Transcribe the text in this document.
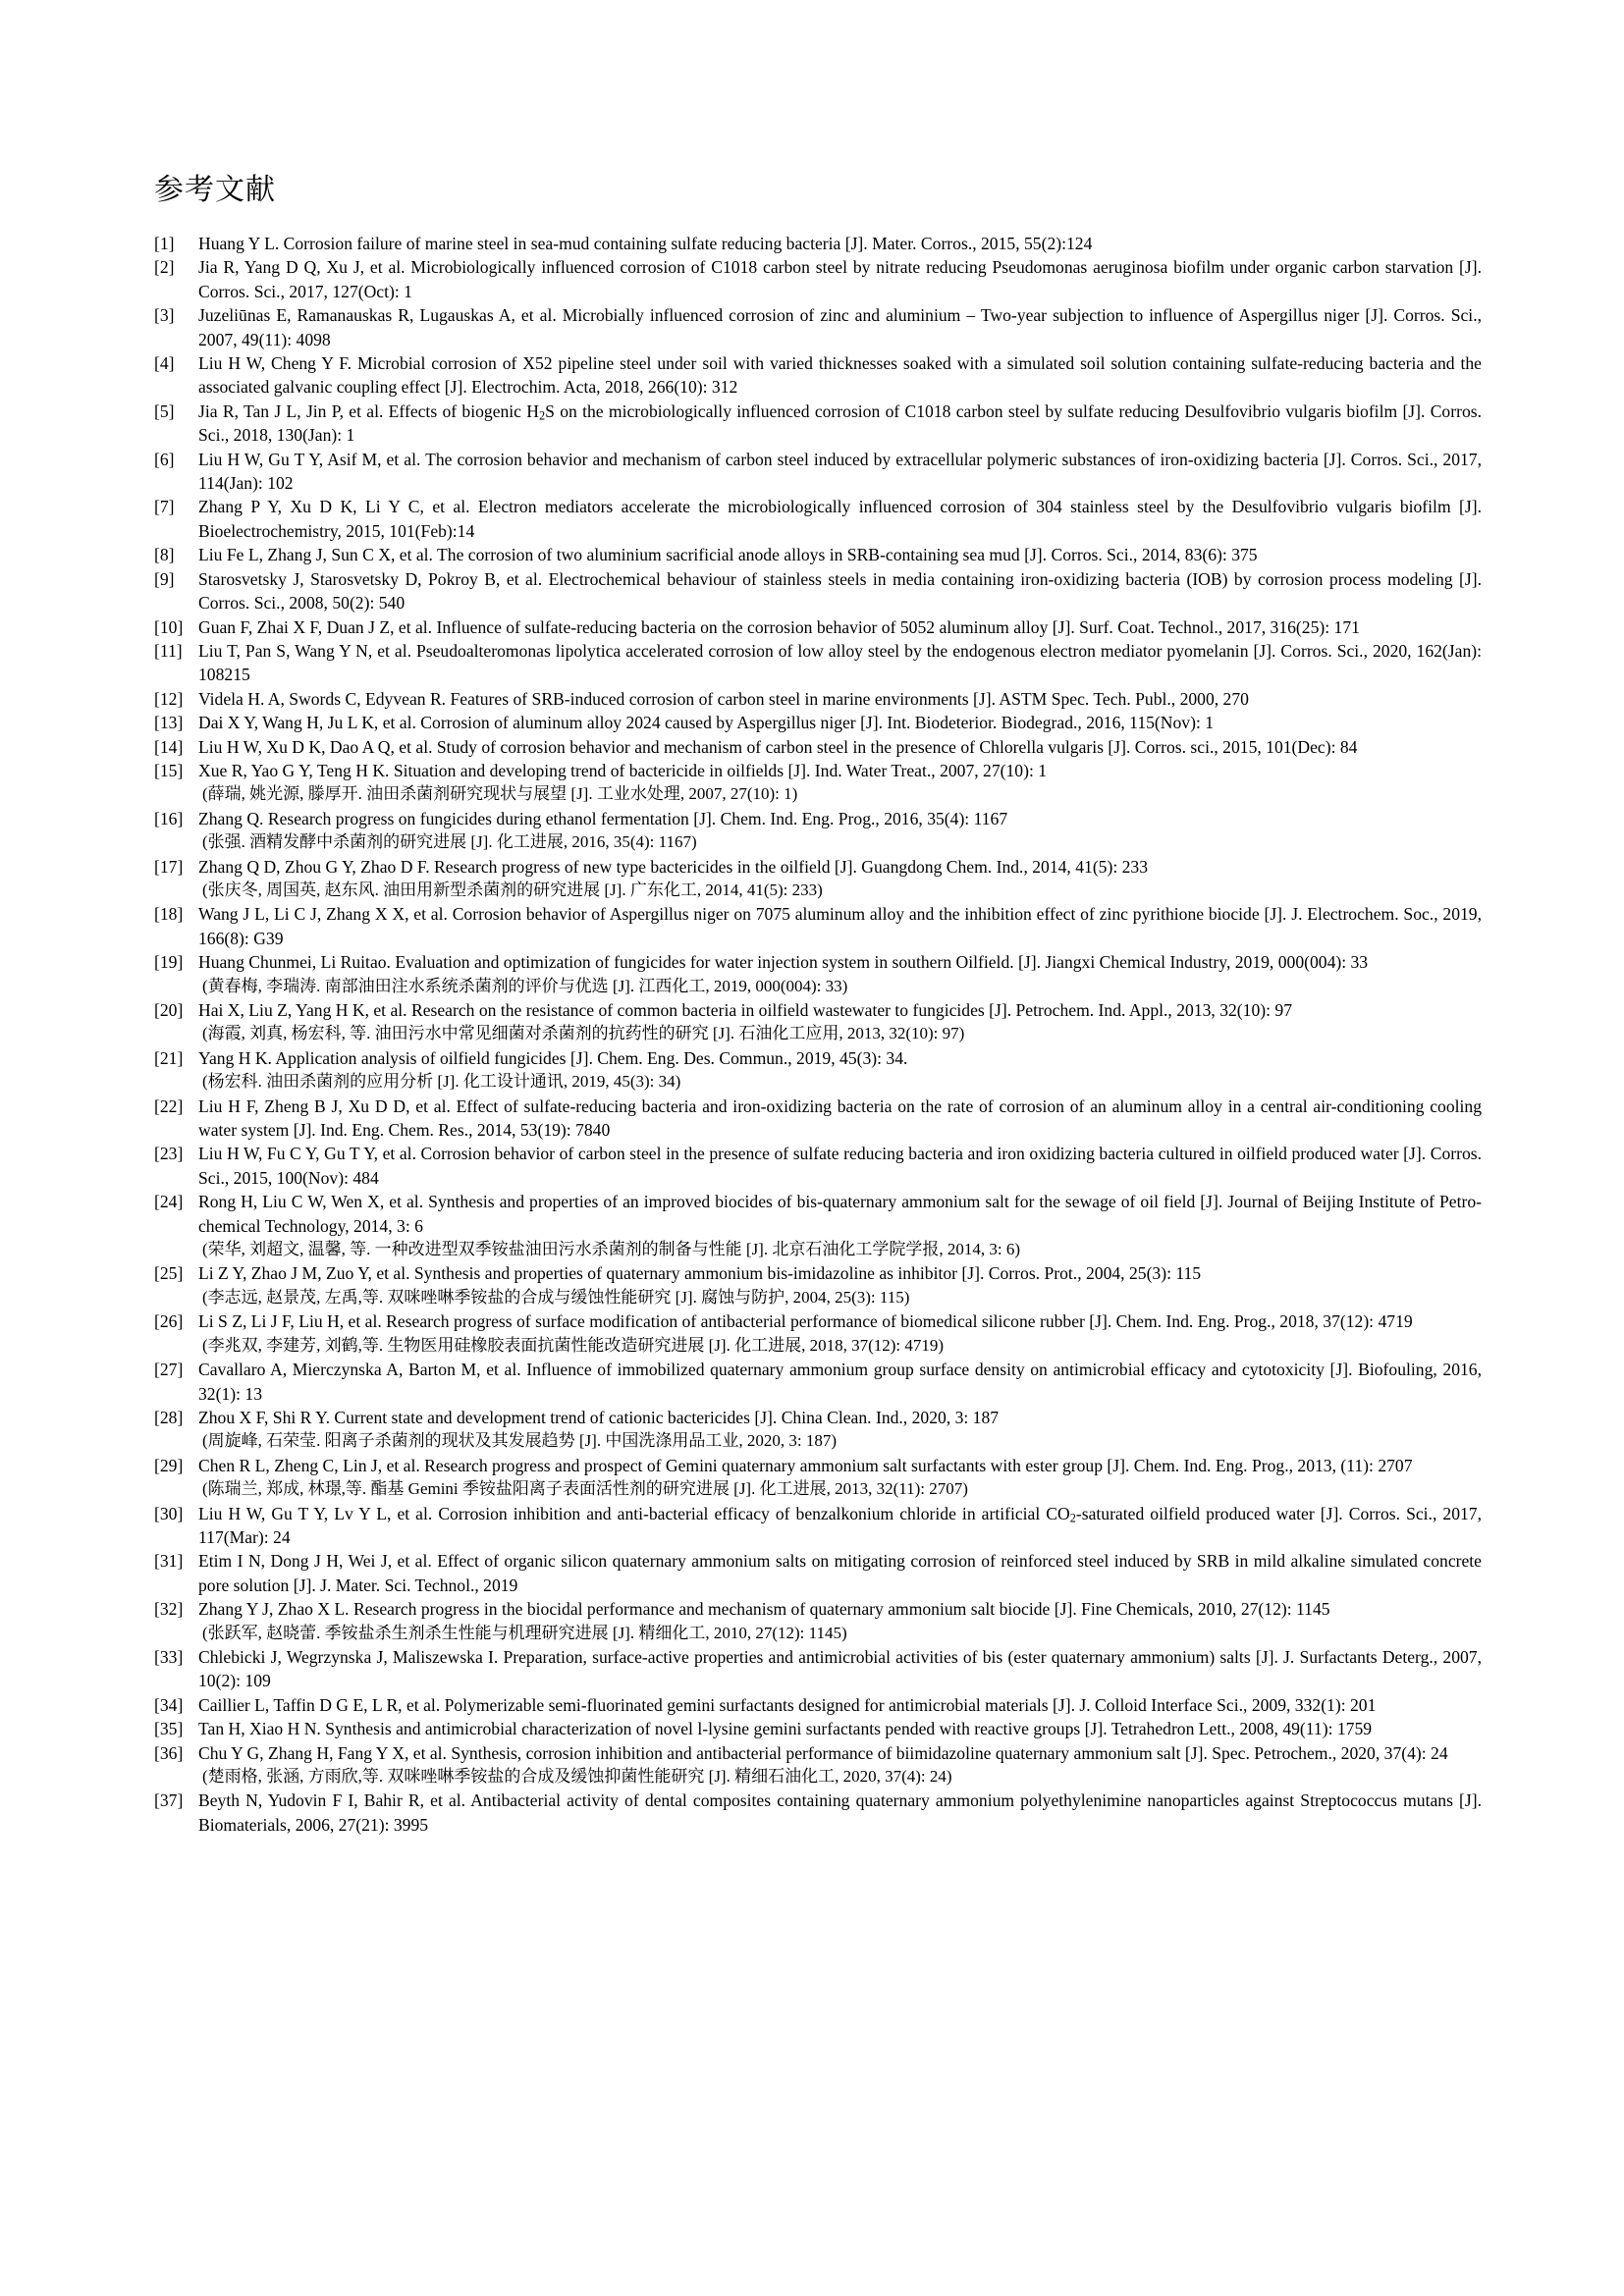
参考文献
[1] Huang Y L. Corrosion failure of marine steel in sea-mud containing sulfate reducing bacteria [J]. Mater. Corros., 2015, 55(2):124
[2] Jia R, Yang D Q, Xu J, et al. Microbiologically influenced corrosion of C1018 carbon steel by nitrate reducing Pseudomonas aeruginosa biofilm under organic carbon starvation [J]. Corros. Sci., 2017, 127(Oct): 1
[3] Juzeliūnas E, Ramanauskas R, Lugauskas A, et al. Microbially influenced corrosion of zinc and aluminium – Two-year subjection to influence of Aspergillus niger [J]. Corros. Sci., 2007, 49(11): 4098
[4] Liu H W, Cheng Y F. Microbial corrosion of X52 pipeline steel under soil with varied thicknesses soaked with a simulated soil solution containing sulfate-reducing bacteria and the associated galvanic coupling effect [J]. Electrochim. Acta, 2018, 266(10): 312
[5] Jia R, Tan J L, Jin P, et al. Effects of biogenic $H_2S$ on the microbiologically influenced corrosion of C1018 carbon steel by sulfate reducing Desulfovibrio vulgaris biofilm [J]. Corros. Sci., 2018, 130(Jan): 1
[6] Liu H W, Gu T Y, Asif M, et al. The corrosion behavior and mechanism of carbon steel induced by extracellular polymeric substances of iron-oxidizing bacteria [J]. Corros. Sci., 2017, 114(Jan): 102
[7] Zhang P Y, Xu D K, Li Y C, et al. Electron mediators accelerate the microbiologically influenced corrosion of 304 stainless steel by the Desulfovibrio vulgaris biofilm [J]. Bioelectrochemistry, 2015, 101(Feb):14
[8] Liu Fe L, Zhang J, Sun C X, et al. The corrosion of two aluminium sacrificial anode alloys in SRB-containing sea mud [J]. Corros. Sci., 2014, 83(6): 375
[9] Starosvetsky J, Starosvetsky D, Pokroy B, et al. Electrochemical behaviour of stainless steels in media containing iron-oxidizing bacteria (IOB) by corrosion process modeling [J]. Corros. Sci., 2008, 50(2): 540
[10] Guan F, Zhai X F, Duan J Z, et al. Influence of sulfate-reducing bacteria on the corrosion behavior of 5052 aluminum alloy [J]. Surf. Coat. Technol., 2017, 316(25): 171
[11] Liu T, Pan S, Wang Y N, et al. Pseudoalteromonas lipolytica accelerated corrosion of low alloy steel by the endogenous electron mediator pyomelanin [J]. Corros. Sci., 2020, 162(Jan): 108215
[12] Videla H. A, Swords C, Edyvean R. Features of SRB-induced corrosion of carbon steel in marine environments [J]. ASTM Spec. Tech. Publ., 2000, 270
[13] Dai X Y, Wang H, Ju L K, et al. Corrosion of aluminum alloy 2024 caused by Aspergillus niger [J]. Int. Biodeterior. Biodegrad., 2016, 115(Nov): 1
[14] Liu H W, Xu D K, Dao A Q, et al. Study of corrosion behavior and mechanism of carbon steel in the presence of Chlorella vulgaris [J]. Corros. sci., 2015, 101(Dec): 84
[15] Xue R, Yao G Y, Teng H K. Situation and developing trend of bactericide in oilfields [J]. Ind. Water Treat., 2007, 27(10): 1
(薛瑞, 姚光源, 滕厚开. 油田杀菌剂研究现状与展望 [J]. 工业水处理, 2007, 27(10): 1)
[16] Zhang Q. Research progress on fungicides during ethanol fermentation [J]. Chem. Ind. Eng. Prog., 2016, 35(4): 1167
(张强. 酒精发酵中杀菌剂的研究进展 [J]. 化工进展, 2016, 35(4): 1167)
[17] Zhang Q D, Zhou G Y, Zhao D F. Research progress of new type bactericides in the oilfield [J]. Guangdong Chem. Ind., 2014, 41(5): 233
(张庆冬, 周国英, 赵东风. 油田用新型杀菌剂的研究进展 [J]. 广东化工, 2014, 41(5): 233)
[18] Wang J L, Li C J, Zhang X X, et al. Corrosion behavior of Aspergillus niger on 7075 aluminum alloy and the inhibition effect of zinc pyrithione biocide [J]. J. Electrochem. Soc., 2019, 166(8): G39
[19] Huang Chunmei, Li Ruitao. Evaluation and optimization of fungicides for water injection system in southern Oilfield. [J]. Jiangxi Chemical Industry, 2019, 000(004): 33
(黄春梅, 李瑞涛. 南部油田注水系统杀菌剂的评价与优选 [J]. 江西化工, 2019, 000(004): 33)
[20] Hai X, Liu Z, Yang H K, et al. Research on the resistance of common bacteria in oilfield wastewater to fungicides [J]. Petrochem. Ind. Appl., 2013, 32(10): 97
(海霞, 刘真, 杨宏科, 等. 油田污水中常见细菌对杀菌剂的抗药性的研究 [J]. 石油化工应用, 2013, 32(10): 97)
[21] Yang H K. Application analysis of oilfield fungicides [J]. Chem. Eng. Des. Commun., 2019, 45(3): 34.
(杨宏科. 油田杀菌剂的应用分析 [J]. 化工设计通讯, 2019, 45(3): 34)
[22] Liu H F, Zheng B J, Xu D D, et al. Effect of sulfate-reducing bacteria and iron-oxidizing bacteria on the rate of corrosion of an aluminum alloy in a central air-conditioning cooling water system [J]. Ind. Eng. Chem. Res., 2014, 53(19): 7840
[23] Liu H W, Fu C Y, Gu T Y, et al. Corrosion behavior of carbon steel in the presence of sulfate reducing bacteria and iron oxidizing bacteria cultured in oilfield produced water [J]. Corros. Sci., 2015, 100(Nov): 484
[24] Rong H, Liu C W, Wen X, et al. Synthesis and properties of an improved biocides of bis-quaternary ammonium salt for the sewage of oil field [J]. Journal of Beijing Institute of Petro-chemical Technology, 2014, 3: 6
(荣华, 刘超文, 温馨, 等. 一种改进型双季铵盐油田污水杀菌剂的制备与性能 [J]. 北京石油化工学院学报, 2014, 3: 6)
[25] Li Z Y, Zhao J M, Zuo Y, et al. Synthesis and properties of quaternary ammonium bis-imidazoline as inhibitor [J]. Corros. Prot., 2004, 25(3): 115
(李志远, 赵景茂, 左禹,等. 双咪唑啉季铵盐的合成与缓蚀性能研究 [J]. 腐蚀与防护, 2004, 25(3): 115)
[26] Li S Z, Li J F, Liu H, et al. Research progress of surface modification of antibacterial performance of biomedical silicone rubber [J]. Chem. Ind. Eng. Prog., 2018, 37(12): 4719
(李兆双, 李建芳, 刘鹤,等. 生物医用硅橡胶表面抗菌性能改造研究进展 [J]. 化工进展, 2018, 37(12): 4719)
[27] Cavallaro A, Mierczynska A, Barton M, et al. Influence of immobilized quaternary ammonium group surface density on antimicrobial efficacy and cytotoxicity [J]. Biofouling, 2016, 32(1): 13
[28] Zhou X F, Shi R Y. Current state and development trend of cationic bactericides [J]. China Clean. Ind., 2020, 3: 187
(周旋峰, 石荣莹. 阳离子杀菌剂的现状及其发展趋势 [J]. 中国洗涤用品工业, 2020, 3: 187)
[29] Chen R L, Zheng C, Lin J, et al. Research progress and prospect of Gemini quaternary ammonium salt surfactants with ester group [J]. Chem. Ind. Eng. Prog., 2013, (11): 2707
(陈瑞兰, 郑成, 林璟,等. 酯基 Gemini 季铵盐阳离子表面活性剂的研究进展 [J]. 化工进展, 2013, 32(11): 2707)
[30] Liu H W, Gu T Y, Lv Y L, et al. Corrosion inhibition and anti-bacterial efficacy of benzalkonium chloride in artificial $CO_2$-saturated oilfield produced water [J]. Corros. Sci., 2017, 117(Mar): 24
[31] Etim I N, Dong J H, Wei J, et al. Effect of organic silicon quaternary ammonium salts on mitigating corrosion of reinforced steel induced by SRB in mild alkaline simulated concrete pore solution [J]. J. Mater. Sci. Technol., 2019
[32] Zhang Y J, Zhao X L. Research progress in the biocidal performance and mechanism of quaternary ammonium salt biocide [J]. Fine Chemicals, 2010, 27(12): 1145
(张跃军, 赵晓蕾. 季铵盐杀生剂杀生性能与机理研究进展 [J]. 精细化工, 2010, 27(12): 1145)
[33] Chlebicki J, Wegrzynska J, Maliszewska I. Preparation, surface-active properties and antimicrobial activities of bis (ester quaternary ammonium) salts [J]. J. Surfactants Deterg., 2007, 10(2): 109
[34] Caillier L, Taffin D G E, L R, et al. Polymerizable semi-fluorinated gemini surfactants designed for antimicrobial materials [J]. J. Colloid Interface Sci., 2009, 332(1): 201
[35] Tan H, Xiao H N. Synthesis and antimicrobial characterization of novel l-lysine gemini surfactants pended with reactive groups [J]. Tetrahedron Lett., 2008, 49(11): 1759
[36] Chu Y G, Zhang H, Fang Y X, et al. Synthesis, corrosion inhibition and antibacterial performance of biimidazoline quaternary ammonium salt [J]. Spec. Petrochem., 2020, 37(4): 24
(楚雨格, 张涵, 方雨欣,等. 双咪唑啉季铵盐的合成及缓蚀抑菌性能研究 [J]. 精细石油化工, 2020, 37(4): 24)
[37] Beyth N, Yudovin F I, Bahir R, et al. Antibacterial activity of dental composites containing quaternary ammonium polyethylenimine nanoparticles against Streptococcus mutans [J]. Biomaterials, 2006, 27(21): 3995
